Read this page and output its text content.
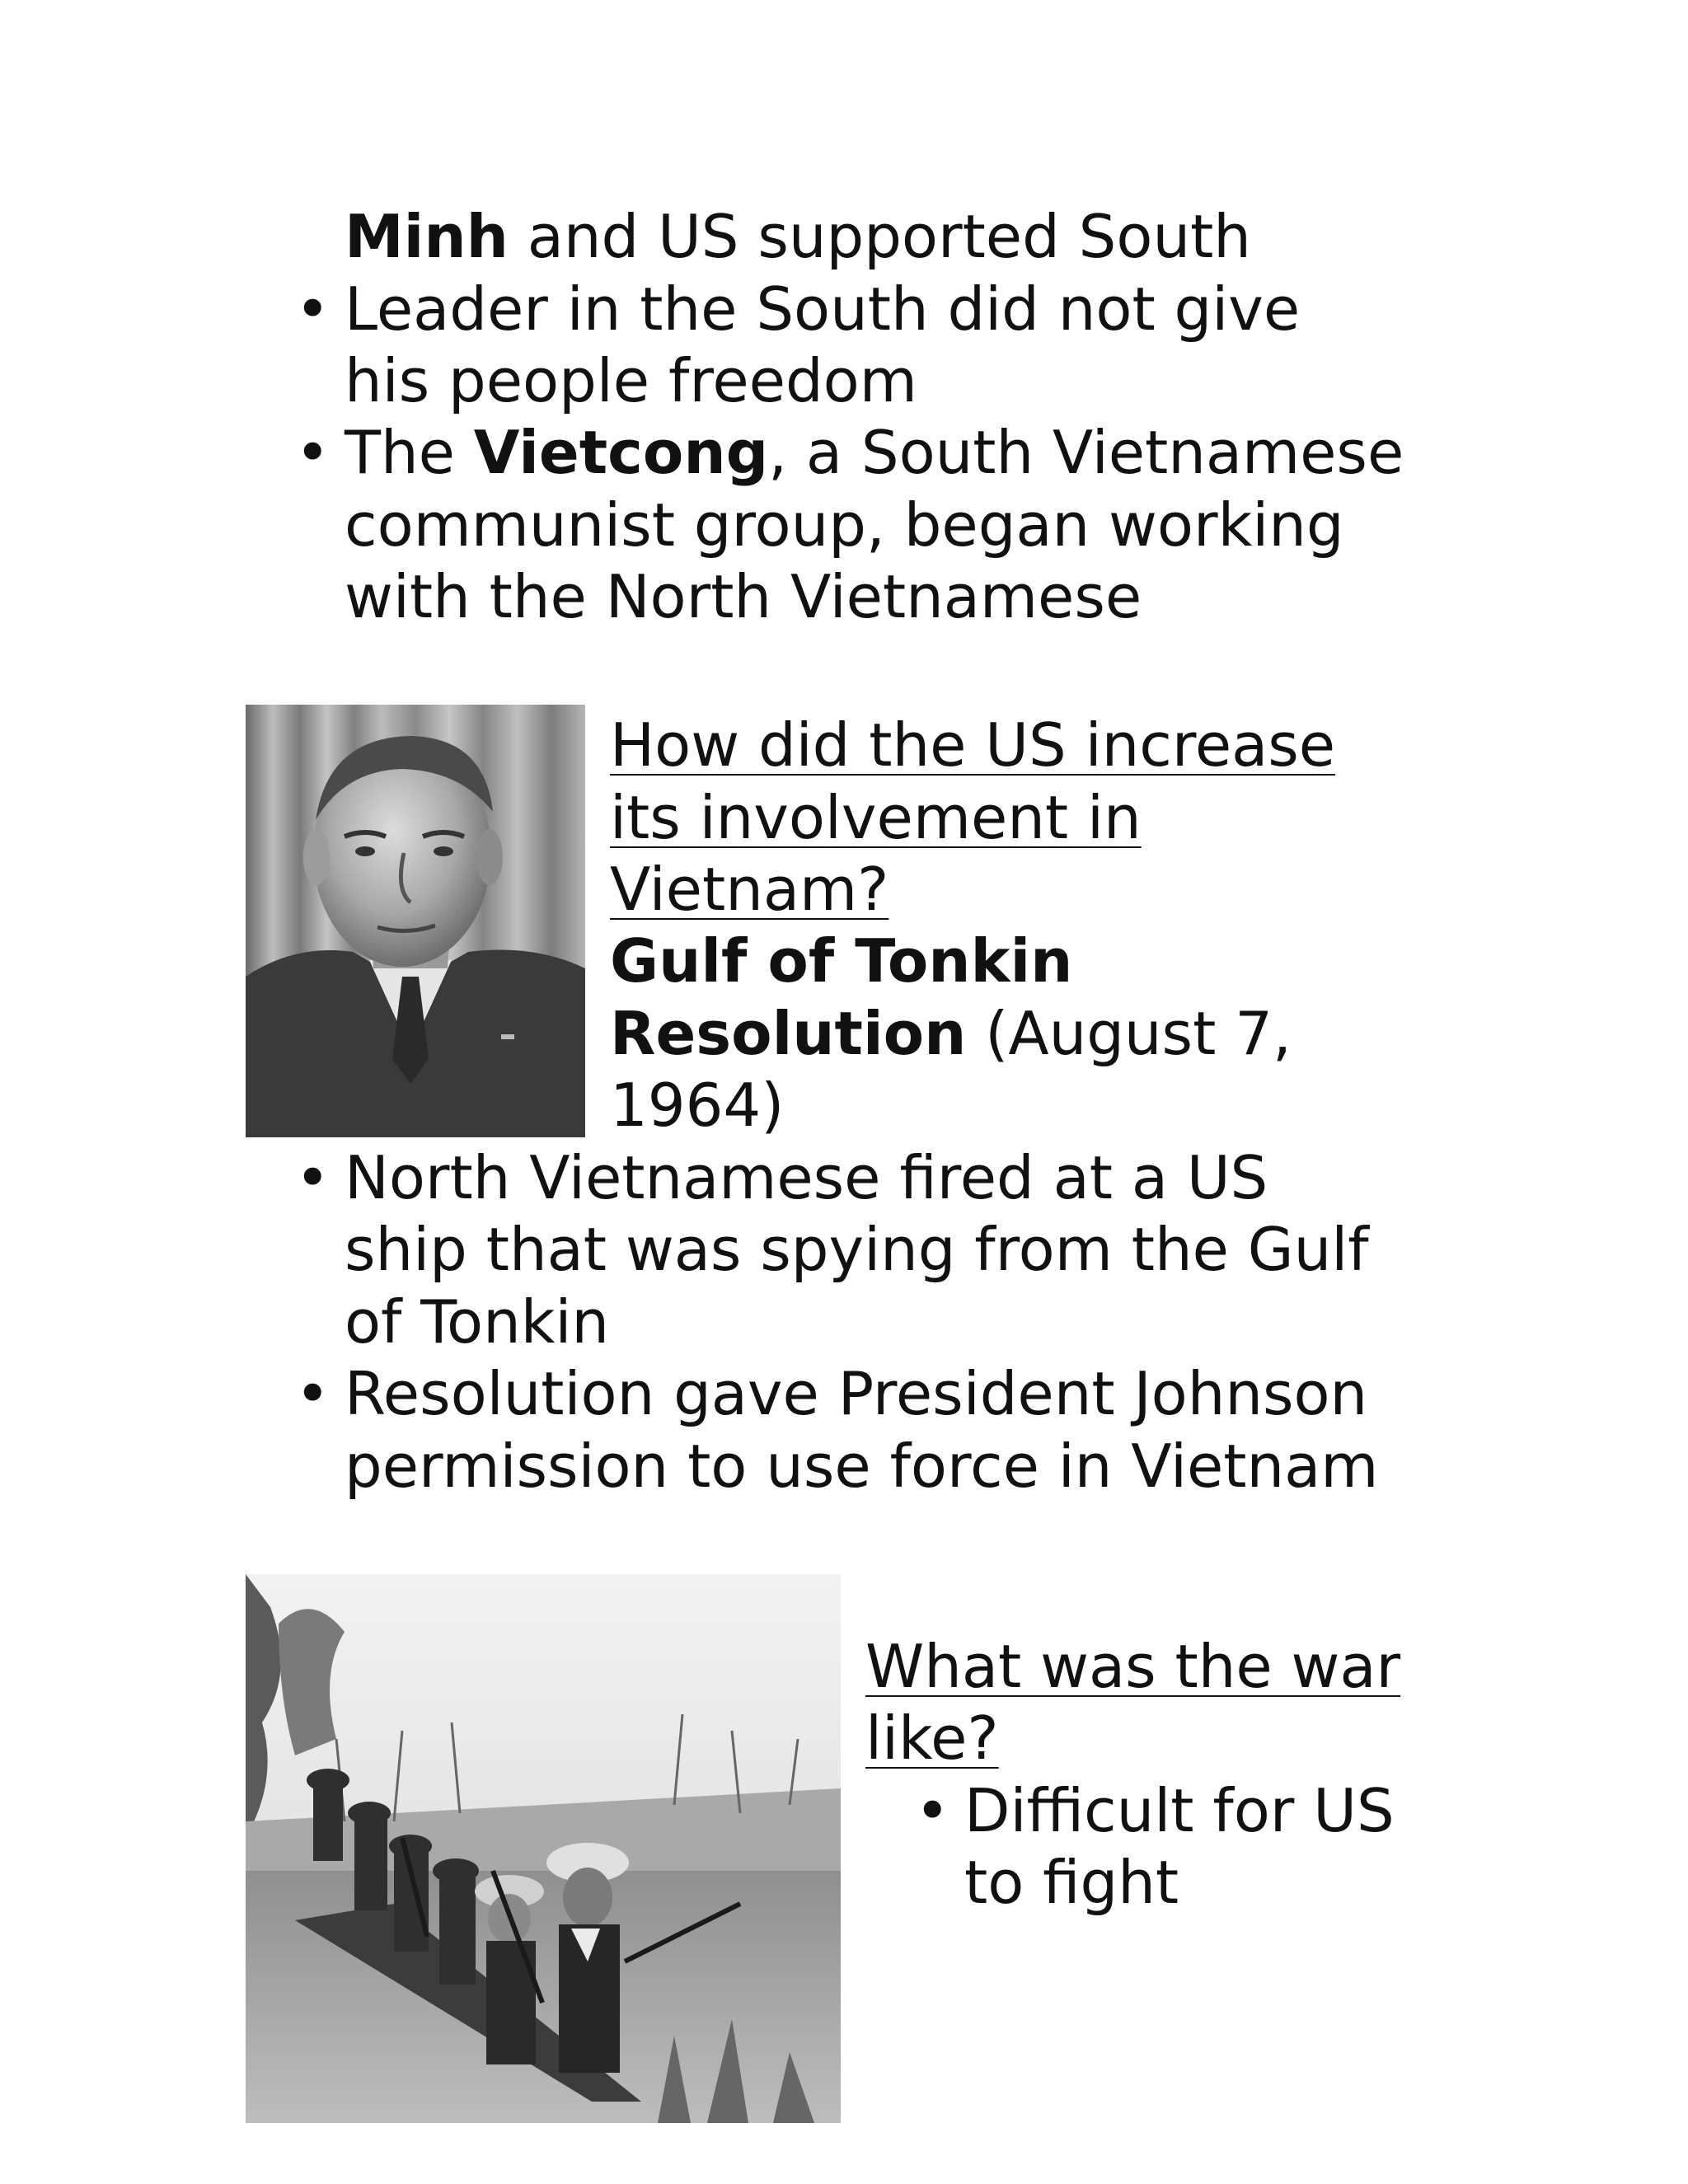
Minh and US supported South

• Leader in the South did not give

his people freedom

• The Vietcong, a South Vietnamese

communist group, began working

with the North Vietnamese

How did the US increase

its involvement in

Vietnam?

Gulf of Tonkin

Resolution (August 7,

1964)

• North Vietnamese fired at a US

ship that was spying from the Gulf

of Tonkin

• Resolution gave President Johnson

permission to use force in Vietnam

What was the war

like?

• Difficult for US

to fight
